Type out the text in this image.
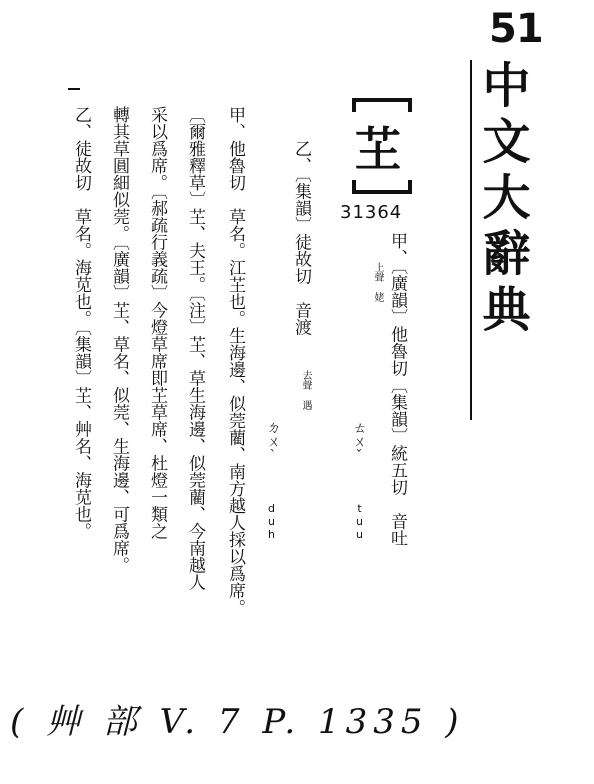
51
中文大辭典
芏
31364
甲、〔廣韻〕他魯切〔集韻〕統五切　音吐
上聲　姥
ㄊㄨˇ
tuu
乙、〔集韻〕徒故切　音渡
去聲　遇
ㄉㄨˋ
duh
甲、他魯切　草名。江芏也。生海邊、似莞藺、南方越人採以爲席。
〔爾雅釋草〕芏、夫王。〔注〕芏、草生海邊、似莞藺、今南越人
采以爲席。〔郝疏行義疏〕今燈草席即芏草席、杜燈一類之
轉其草圓細似莞。〔廣韻〕芏、草名、似莞、生海邊、可爲席。
乙、徒故切　草名。海苋也。〔集韻〕芏、艸名、海苋也。
( 艸 部 V. 7 P. 1335 )
